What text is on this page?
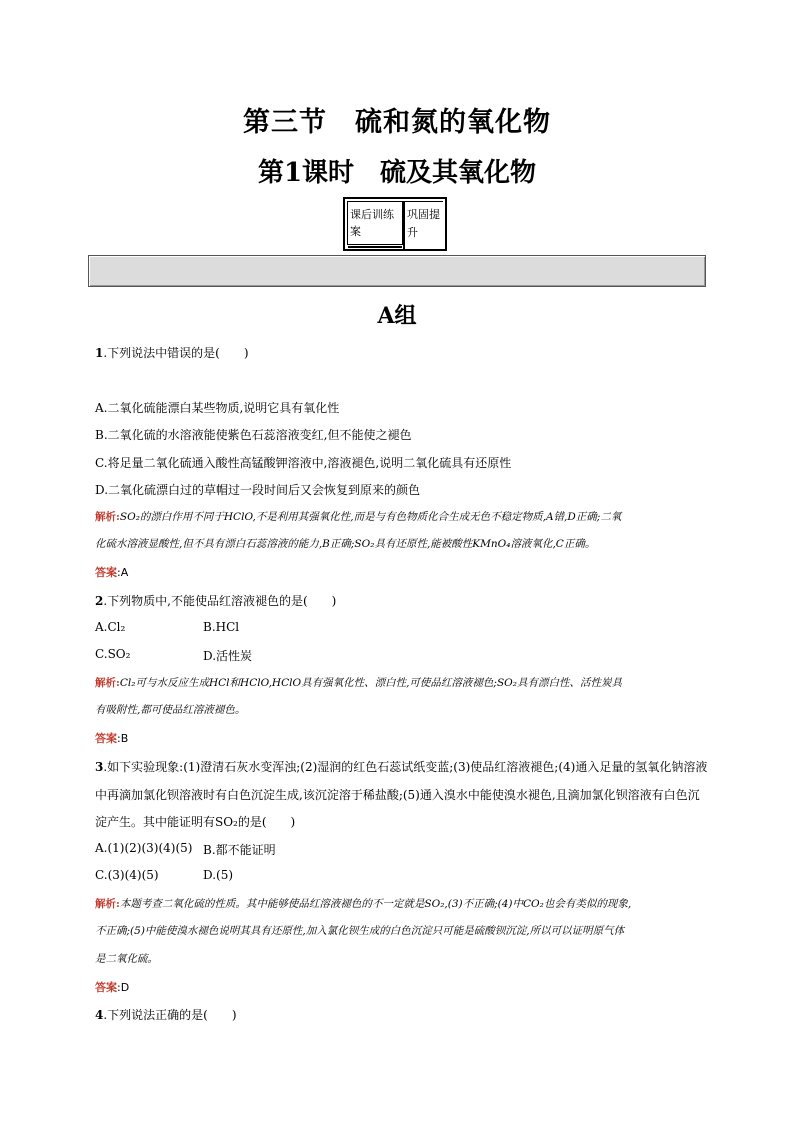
第三节　硫和氮的氧化物
第1课时　硫及其氧化物
课后训练案
巩固提升
A组
1.下列说法中错误的是(　　)
A.二氧化硫能漂白某些物质,说明它具有氧化性
B.二氧化硫的水溶液能使紫色石蕊溶液变红,但不能使之褪色
C.将足量二氧化硫通入酸性高锰酸钾溶液中,溶液褪色,说明二氧化硫具有还原性
D.二氧化硫漂白过的草帽过一段时间后又会恢复到原来的颜色
解析:SO₂的漂白作用不同于HClO,不是利用其强氧化性,而是与有色物质化合生成无色不稳定物质,A错,D正确;二氧
化硫水溶液显酸性,但不具有漂白石蕊溶液的能力,B正确;SO₂具有还原性,能被酸性KMnO₄溶液氧化,C正确。
答案:A
2.下列物质中,不能使品红溶液褪色的是(　　)
A.Cl₂	B.HCl
C.SO₂	D.活性炭
解析:Cl₂可与水反应生成HCl和HClO,HClO具有强氧化性、漂白性,可使品红溶液褪色;SO₂具有漂白性、活性炭具
有吸附性,都可使品红溶液褪色。
答案:B
3.如下实验现象:(1)澄清石灰水变浑浊;(2)湿润的红色石蕊试纸变蓝;(3)使品红溶液褪色;(4)通入足量的氢氧化钠溶液
中再滴加氯化钡溶液时有白色沉淀生成,该沉淀溶于稀盐酸;(5)通入溴水中能使溴水褪色,且滴加氯化钡溶液有白色沉
淀产生。其中能证明有SO₂的是(　　)
A.(1)(2)(3)(4)(5) B.都不能证明
C.(3)(4)(5)	D.(5)
解析:本题考查二氧化硫的性质。其中能够使品红溶液褪色的不一定就是SO₂,(3)不正确;(4)中CO₂也会有类似的现象,
不正确;(5)中能使溴水褪色说明其具有还原性,加入氯化钡生成的白色沉淀只可能是硫酸钡沉淀,所以可以证明原气体
是二氧化硫。
答案:D
4.下列说法正确的是(　　)
